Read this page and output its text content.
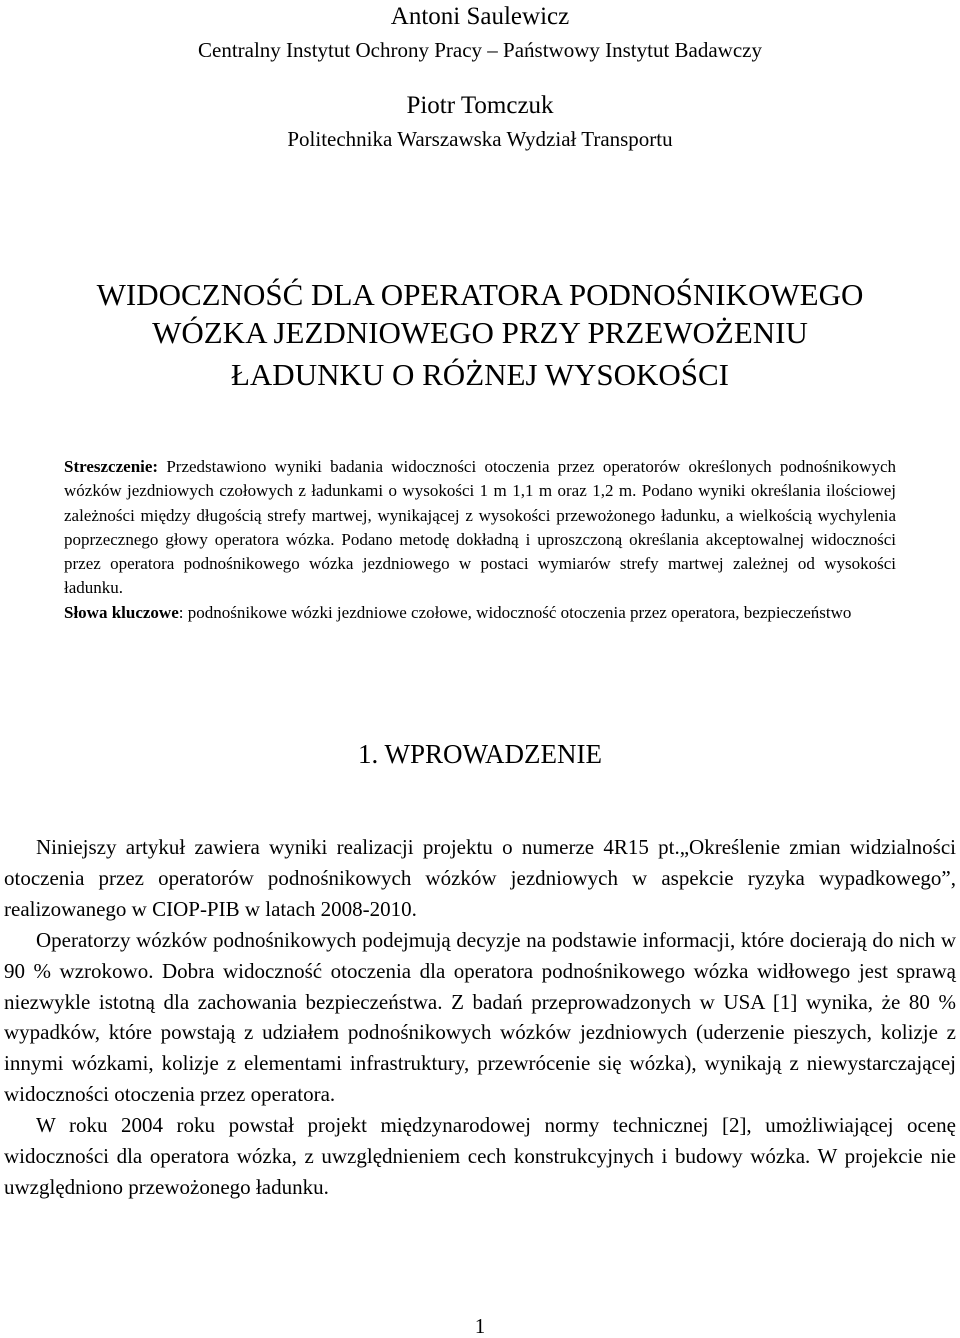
Antoni Saulewicz
Centralny Instytut Ochrony Pracy – Państwowy Instytut Badawczy
Piotr Tomczuk
Politechnika Warszawska Wydział Transportu
WIDOCZNOŚĆ DLA OPERATORA PODNOŚNIKOWEGO
WÓZKA JEZDNIOWEGO PRZY PRZEWOŻENIU
ŁADUNKU O RÓŻNEJ WYSOKOŚCI

Streszczenie: Przedstawiono wyniki badania widoczności otoczenia przez operatorów określonych podnośnikowych wózków jezdniowych czołowych z ładunkami o wysokości 1 m 1,1 m oraz 1,2 m. Podano wyniki określania ilościowej zależności między długością strefy martwej, wynikającej z wysokości przewożonego ładunku, a wielkością wychylenia poprzecznego głowy operatora wózka. Podano metodę dokładną i uproszczoną określania akceptowalnej widoczności przez operatora podnośnikowego wózka jezdniowego w postaci wymiarów strefy martwej zależnej od wysokości ładunku.

Słowa kluczowe: podnośnikowe wózki jezdniowe czołowe, widoczność otoczenia przez operatora, bezpieczeństwo

1. WPROWADZENIE

Niniejszy artykuł zawiera wyniki realizacji projektu o numerze 4R15 pt.„Określenie zmian widzialności otoczenia przez operatorów podnośnikowych wózków jezdniowych w aspekcie ryzyka wypadkowego”, realizowanego w CIOP-PIB w latach 2008-2010.

Operatorzy wózków podnośnikowych podejmują decyzje na podstawie informacji, które docierają do nich w 90 % wzrokowo. Dobra widoczność otoczenia dla operatora podnośnikowego wózka widłowego jest sprawą niezwykle istotną dla zachowania bezpieczeństwa. Z badań przeprowadzonych w USA [1] wynika, że 80 % wypadków, które powstają z udziałem podnośnikowych wózków jezdniowych (uderzenie pieszych, kolizje z innymi wózkami, kolizje z elementami infrastruktury, przewrócenie się wózka), wynikają z niewystarczającej widoczności otoczenia przez operatora.

W roku 2004 roku powstał projekt międzynarodowej normy technicznej [2], umożliwiającej ocenę widoczności dla operatora wózka, z uwzględnieniem cech konstrukcyjnych i budowy wózka. W projekcie nie uwzględniono przewożonego ładunku.

1
